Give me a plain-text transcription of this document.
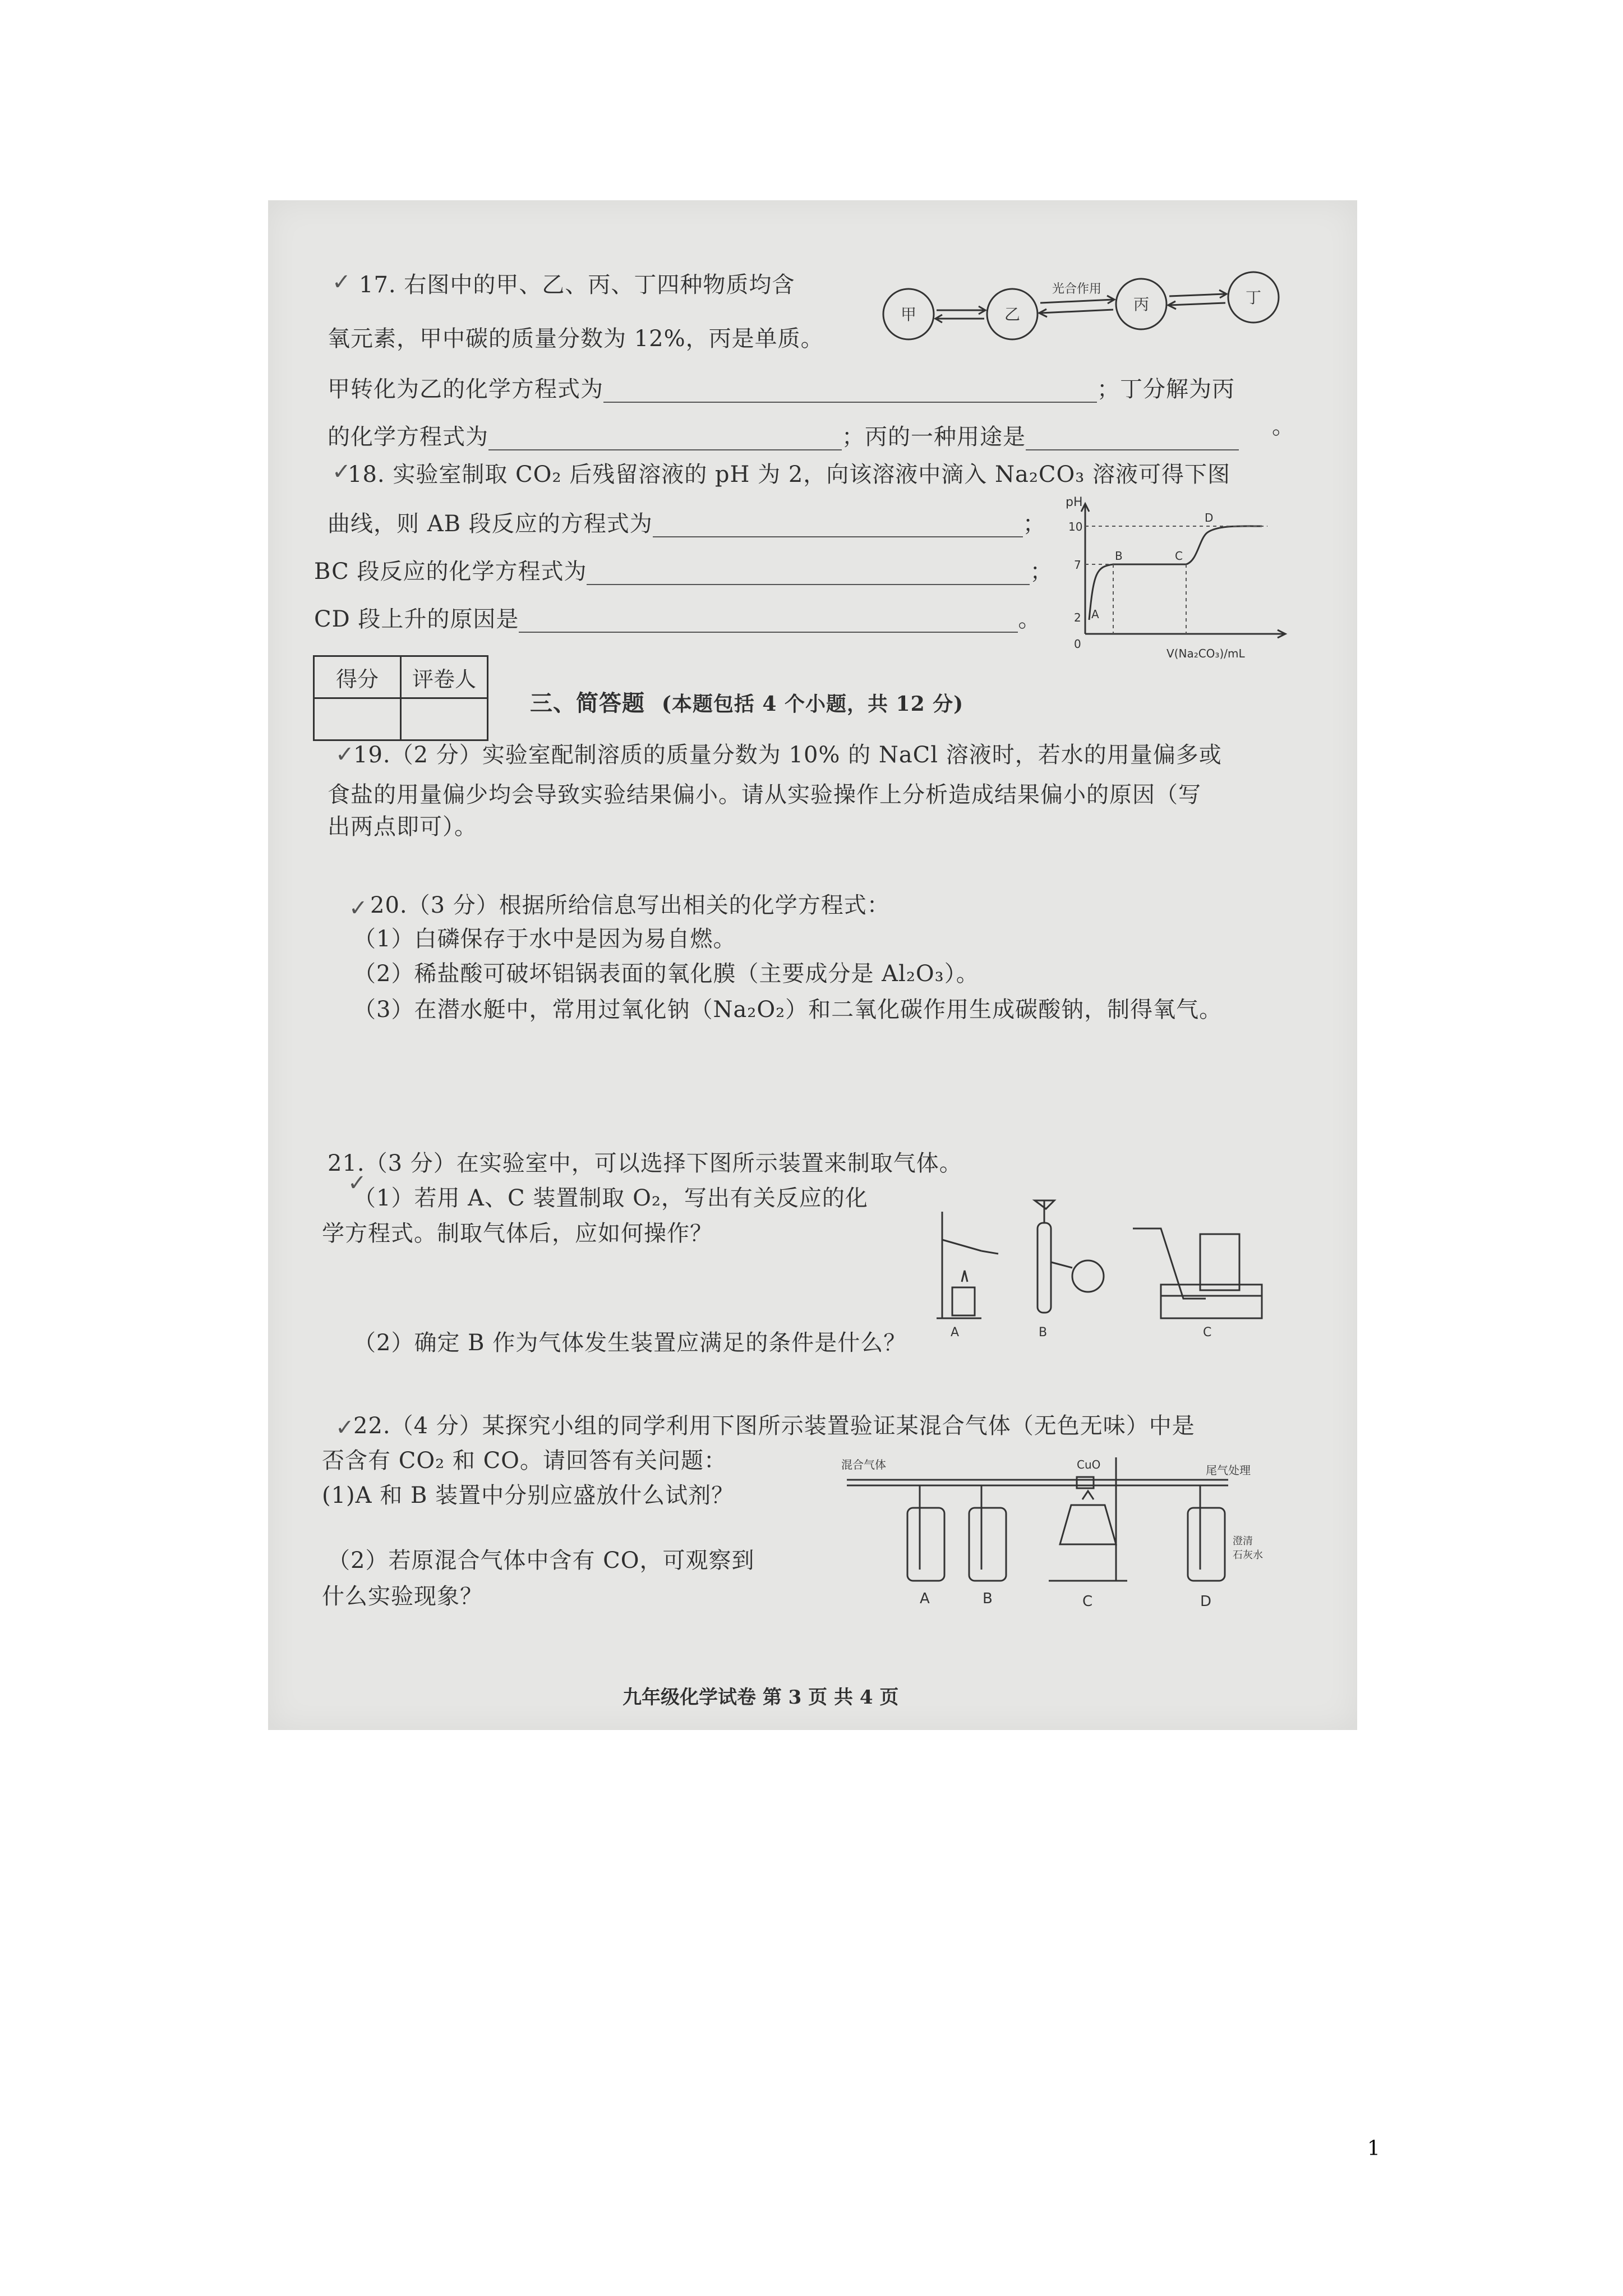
✓ 17. 右图中的甲、乙、丙、丁四种物质均含
氧元素，甲中碳的质量分数为 12%，丙是单质。
甲转化为乙的化学方程式为	；丁分解为丙
的化学方程式为	；丙的一种用途是
甲	乙
丙	丁
光合作用
。
✓
18. 实验室制取 CO₂ 后残留溶液的 pH 为 2，向该溶液中滴入 Na₂CO₃ 溶液可得下图
曲线，则 AB 段反应的方程式为	；
BC 段反应的化学方程式为	；
CD 段上升的原因是	。
pH
10
7
2
0
A
B	C
D
V(Na₂CO₃)/mL
得分	评卷人

三、简答题 (本题包括 4 个小题，共 12 分)
✓
19.（2 分）实验室配制溶质的质量分数为 10% 的 NaCl 溶液时，若水的用量偏多或
食盐的用量偏少均会导致实验结果偏小。请从实验操作上分析造成结果偏小的原因（写
出两点即可）。
✓ 20.（3 分）根据所给信息写出相关的化学方程式：
（1）白磷保存于水中是因为易自燃。
（2）稀盐酸可破坏铝锅表面的氧化膜（主要成分是 Al₂O₃）。
（3）在潜水艇中，常用过氧化钠（Na₂O₂）和二氧化碳作用生成碳酸钠，制得氧气。
✓
21.（3 分）在实验室中，可以选择下图所示装置来制取气体。
（1）若用 A、C 装置制取 O₂，写出有关反应的化
学方程式。制取气体后，应如何操作？
（2）确定 B 作为气体发生装置应满足的条件是什么？	A	B	C
✓
22.（4 分）某探究小组的同学利用下图所示装置验证某混合气体（无色无味）中是
否含有 CO₂ 和 CO。请回答有关问题：
(1)A 和 B 装置中分别应盛放什么试剂？
（2）若原混合气体中含有 CO，可观察到
什么实验现象？
混合气体	CuO	尾气处理
澄清
石灰水
A	B	C	D
九年级化学试卷 第 3 页 共 4 页
1
